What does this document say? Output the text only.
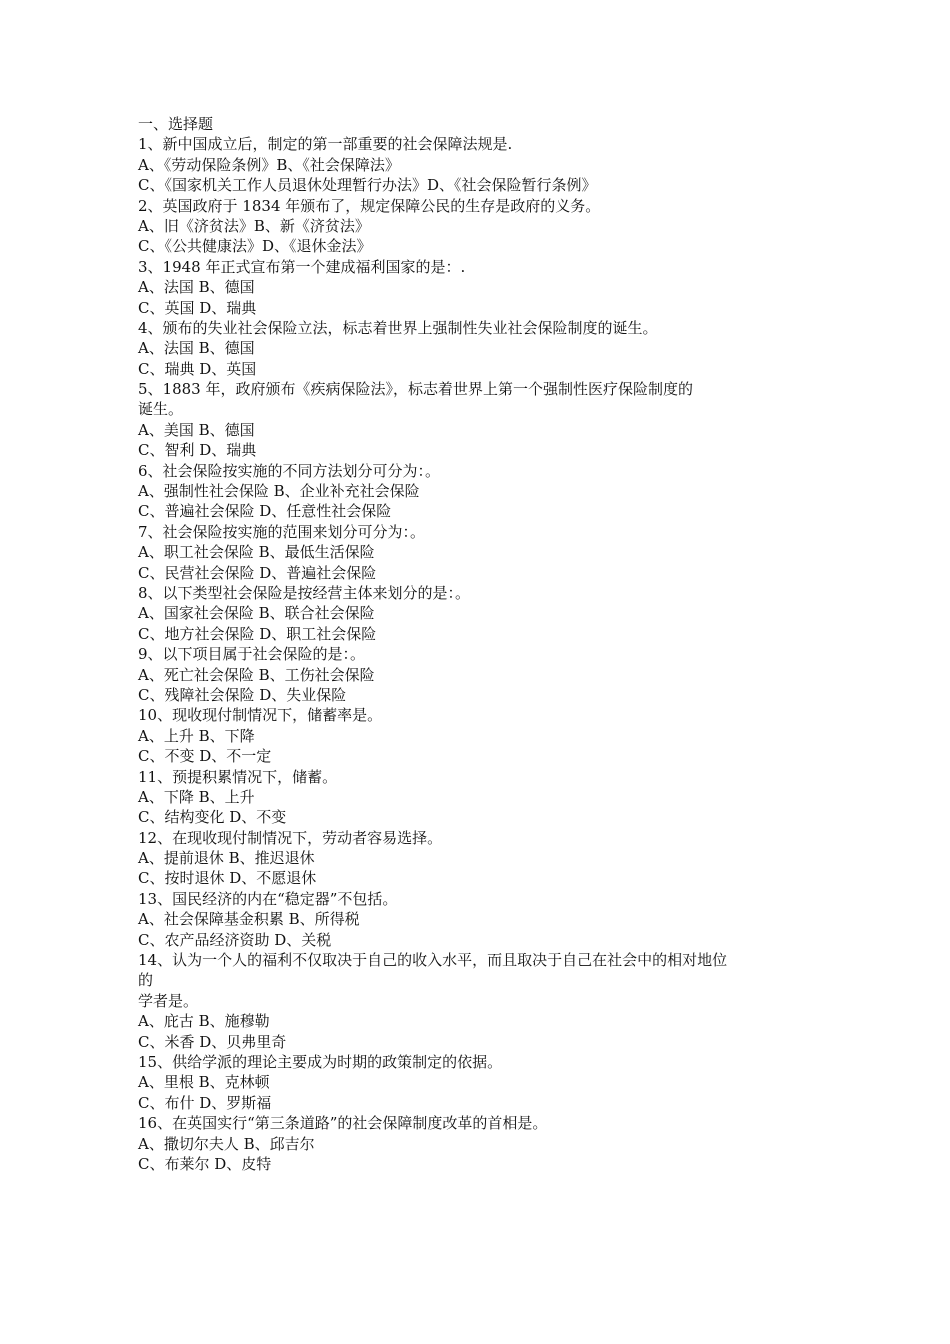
一、选择题
1、新中国成立后，制定的第一部重要的社会保障法规是.
A、《劳动保险条例》B、《社会保障法》
C、《国家机关工作人员退休处理暂行办法》D、《社会保险暂行条例》
2、英国政府于 1834 年颁布了，规定保障公民的生存是政府的义务。
A、旧《济贫法》B、新《济贫法》
C、《公共健康法》D、《退休金法》
3、1948 年正式宣布第一个建成福利国家的是：.
A、法国 B、德国
C、英国 D、瑞典
4、颁布的失业社会保险立法，标志着世界上强制性失业社会保险制度的诞生。
A、法国 B、德国
C、瑞典 D、英国
5、1883 年，政府颁布《疾病保险法》，标志着世界上第一个强制性医疗保险制度的
诞生。
A、美国 B、德国
C、智利 D、瑞典
6、社会保险按实施的不同方法划分可分为：。
A、强制性社会保险 B、企业补充社会保险
C、普遍社会保险 D、任意性社会保险
7、社会保险按实施的范围来划分可分为：。
A、职工社会保险 B、最低生活保险
C、民营社会保险 D、普遍社会保险
8、以下类型社会保险是按经营主体来划分的是：。
A、国家社会保险 B、联合社会保险
C、地方社会保险 D、职工社会保险
9、以下项目属于社会保险的是：。
A、死亡社会保险 B、工伤社会保险
C、残障社会保险 D、失业保险
10、现收现付制情况下，储蓄率是。
A、上升 B、下降
C、不变 D、不一定
11、预提积累情况下，储蓄。
A、下降 B、上升
C、结构变化 D、不变
12、在现收现付制情况下，劳动者容易选择。
A、提前退休 B、推迟退休
C、按时退休 D、不愿退休
13、国民经济的内在“稳定器”不包括。
A、社会保障基金积累 B、所得税
C、农产品经济资助 D、关税
14、认为一个人的福利不仅取决于自己的收入水平，而且取决于自己在社会中的相对地位
的
学者是。
A、庇古 B、施穆勒
C、米香 D、贝弗里奇
15、供给学派的理论主要成为时期的政策制定的依据。
A、里根 B、克林顿
C、布什 D、罗斯福
16、在英国实行“第三条道路”的社会保障制度改革的首相是。
A、撒切尔夫人 B、邱吉尔
C、布莱尔 D、皮特
